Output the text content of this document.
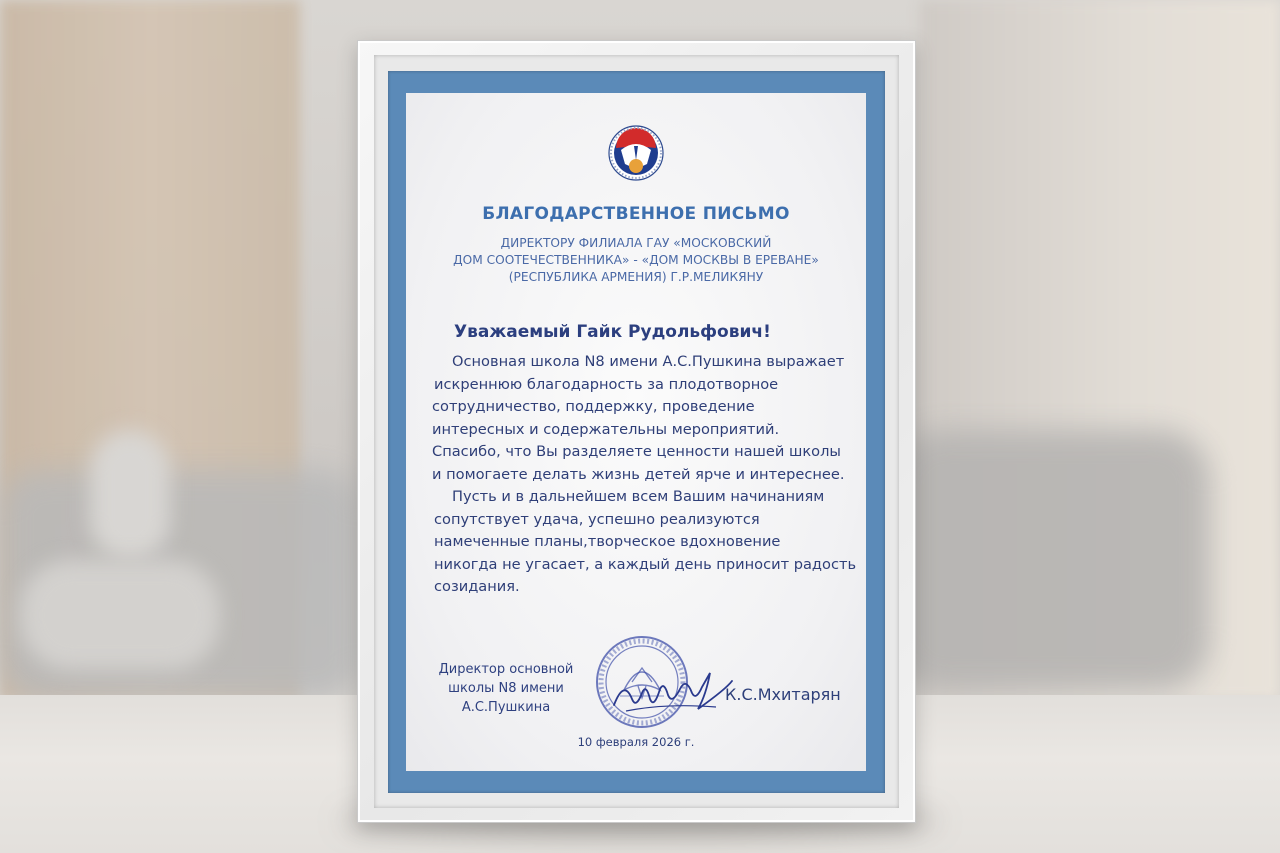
БЛАГОДАРСТВЕННОЕ ПИСЬМО
ДИРЕКТОРУ ФИЛИАЛА ГАУ «МОСКОВСКИЙ
ДОМ СООТЕЧЕСТВЕННИКА» - «ДОМ МОСКВЫ В ЕРЕВАНЕ»
(РЕСПУБЛИКА АРМЕНИЯ) Г.Р.МЕЛИКЯНУ
Уважаемый Гайк Рудольфович!
Основная школа N8 имени А.С.Пушкина выражает
искреннюю благодарность за плодотворное
сотрудничество, поддержку, проведение
интересных и содержательны мероприятий.
Спасибо, что Вы разделяете ценности нашей школы
и помогаете делать жизнь детей ярче и интереснее.
Пусть и в дальнейшем всем Вашим начинаниям
сопутствует удача, успешно реализуются
намеченные планы,творческое вдохновение
никогда не угасает, а каждый день приносит радость
созидания.
Директор основной
школы N8 имени
А.С.Пушкина
К.С.Мхитарян
10 февраля 2026 г.
